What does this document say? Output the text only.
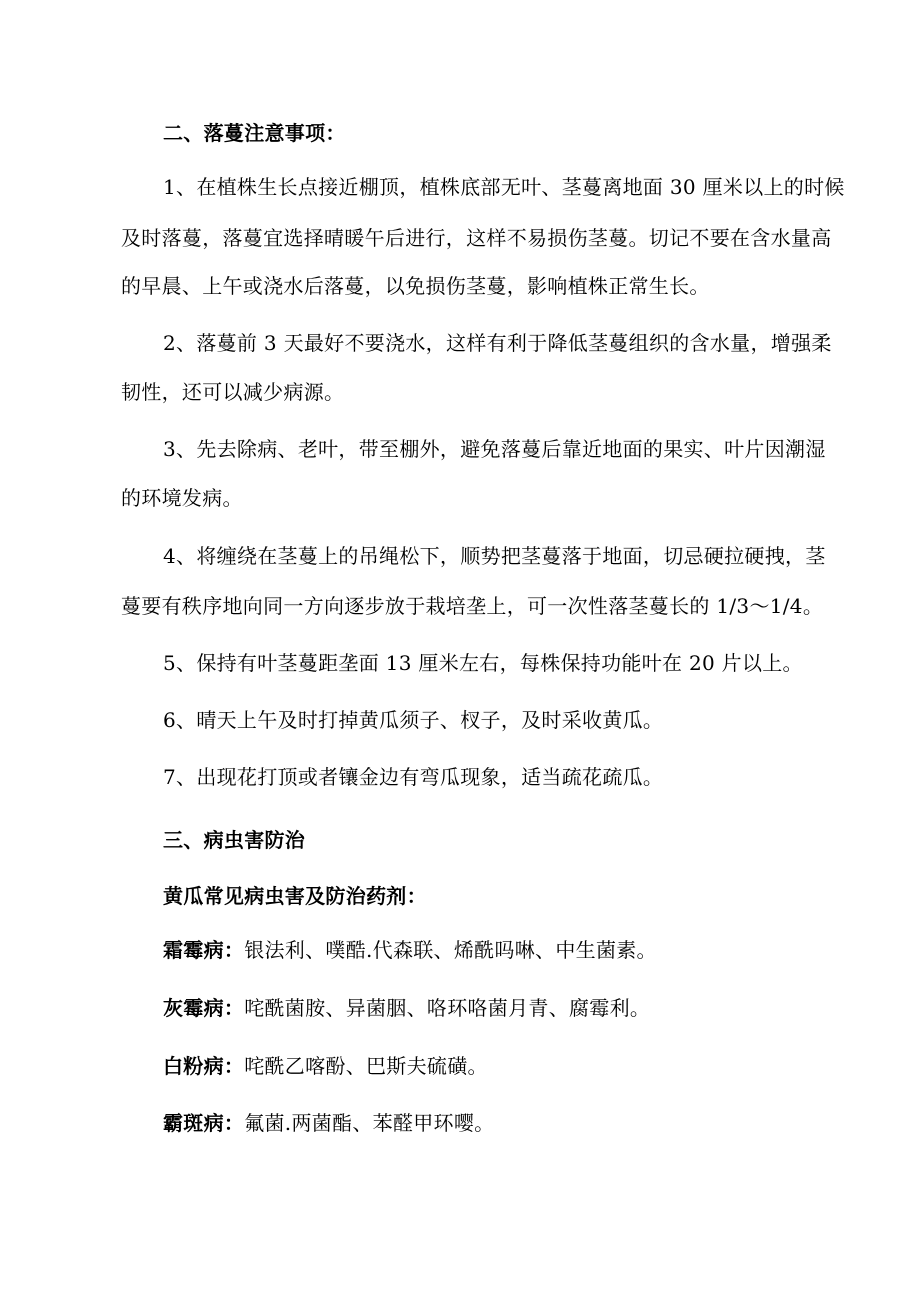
二、落蔓注意事项：
1、在植株生长点接近棚顶，植株底部无叶、茎蔓离地面 30 厘米以上的时候
及时落蔓，落蔓宜选择晴暖午后进行，这样不易损伤茎蔓。切记不要在含水量高
的早晨、上午或浇水后落蔓，以免损伤茎蔓，影响植株正常生长。
2、落蔓前 3 天最好不要浇水，这样有利于降低茎蔓组织的含水量，增强柔
韧性，还可以减少病源。
3、先去除病、老叶，带至棚外，避免落蔓后靠近地面的果实、叶片因潮湿
的环境发病。
4、将缠绕在茎蔓上的吊绳松下，顺势把茎蔓落于地面，切忌硬拉硬拽，茎
蔓要有秩序地向同一方向逐步放于栽培垄上，可一次性落茎蔓长的 1/3～1/4。
5、保持有叶茎蔓距垄面 13 厘米左右，每株保持功能叶在 20 片以上。
6、晴天上午及时打掉黄瓜须子、杈子，及时采收黄瓜。
7、出现花打顶或者镶金边有弯瓜现象，适当疏花疏瓜。
三、病虫害防治
黄瓜常见病虫害及防治药剂：
霜霉病：银法利、噗酷.代森联、烯酰吗啉、中生菌素。
灰霉病：咤酰菌胺、异菌胭、咯环咯菌月青、腐霉利。
白粉病：咤酰乙喀酚、巴斯夫硫磺。
霸斑病：氟菌.两菌酯、苯醛甲环嘤。
